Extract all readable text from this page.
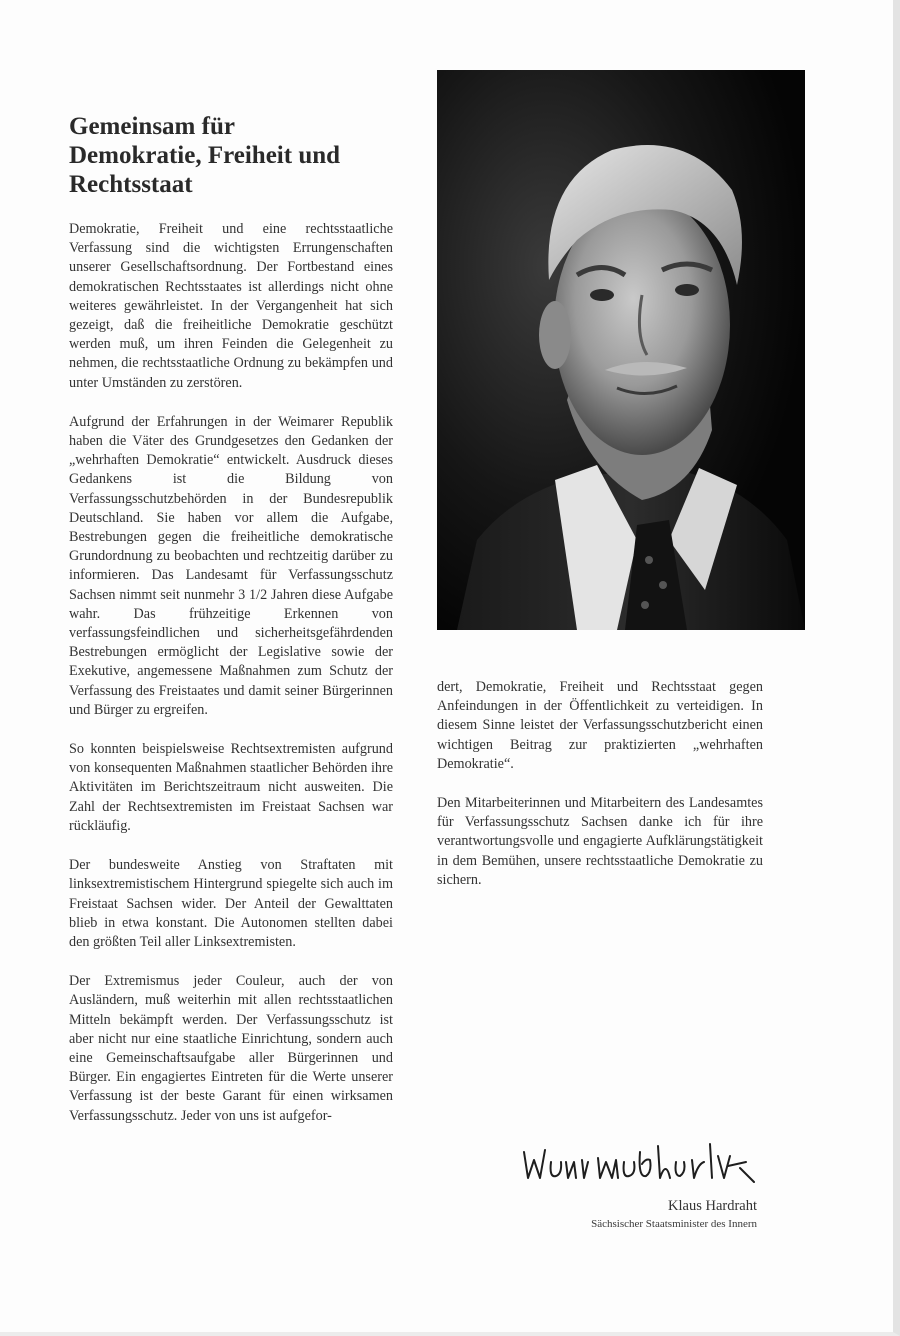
Gemeinsam für
Demokratie, Freiheit und
Rechtsstaat

Demokratie, Freiheit und eine rechtsstaatliche Verfassung sind die wichtigsten Errungenschaften unserer Gesellschaftsordnung. Der Fortbestand eines demokratischen Rechtsstaates ist allerdings nicht ohne weiteres gewährleistet. In der Vergangenheit hat sich gezeigt, daß die freiheitliche Demokratie geschützt werden muß, um ihren Feinden die Gelegenheit zu nehmen, die rechtsstaatliche Ordnung zu bekämpfen und unter Umständen zu zerstören.

Aufgrund der Erfahrungen in der Weimarer Republik haben die Väter des Grundgesetzes den Gedanken der „wehrhaften Demokratie“ entwickelt. Ausdruck dieses Gedankens ist die Bildung von Verfassungsschutzbehörden in der Bundesrepublik Deutschland. Sie haben vor allem die Aufgabe, Bestrebungen gegen die freiheitliche demokratische Grundordnung zu beobachten und rechtzeitig darüber zu informieren. Das Landesamt für Verfassungsschutz Sachsen nimmt seit nunmehr 3 1/2 Jahren diese Aufgabe wahr. Das frühzeitige Erkennen von verfassungsfeindlichen und sicherheitsgefährdenden Bestrebungen ermöglicht der Legislative sowie der Exekutive, angemessene Maßnahmen zum Schutz der Verfassung des Freistaates und damit seiner Bürgerinnen und Bürger zu ergreifen.

So konnten beispielsweise Rechtsextremisten aufgrund von konsequenten Maßnahmen staatlicher Behörden ihre Aktivitäten im Berichtszeitraum nicht ausweiten. Die Zahl der Rechtsextremisten im Freistaat Sachsen war rückläufig.

Der bundesweite Anstieg von Straftaten mit linksextremistischem Hintergrund spiegelte sich auch im Freistaat Sachsen wider. Der Anteil der Gewalttaten blieb in etwa konstant. Die Autonomen stellten dabei den größten Teil aller Linksextremisten.

Der Extremismus jeder Couleur, auch der von Ausländern, muß weiterhin mit allen rechtsstaatlichen Mitteln bekämpft werden. Der Verfassungsschutz ist aber nicht nur eine staatliche Einrichtung, sondern auch eine Gemeinschaftsaufgabe aller Bürgerinnen und Bürger. Ein engagiertes Eintreten für die Werte unserer Verfassung ist der beste Garant für einen wirksamen Verfassungsschutz. Jeder von uns ist aufgefor-

dert, Demokratie, Freiheit und Rechtsstaat gegen Anfeindungen in der Öffentlichkeit zu verteidigen. In diesem Sinne leistet der Verfassungsschutzbericht einen wichtigen Beitrag zur praktizierten „wehrhaften Demokratie“.

Den Mitarbeiterinnen und Mitarbeitern des Landesamtes für Verfassungsschutz Sachsen danke ich für ihre verantwortungsvolle und engagierte Aufklärungstätigkeit in dem Bemühen, unsere rechtsstaatliche Demokratie zu sichern.

Klaus Hardraht
Sächsischer Staatsminister des Innern
